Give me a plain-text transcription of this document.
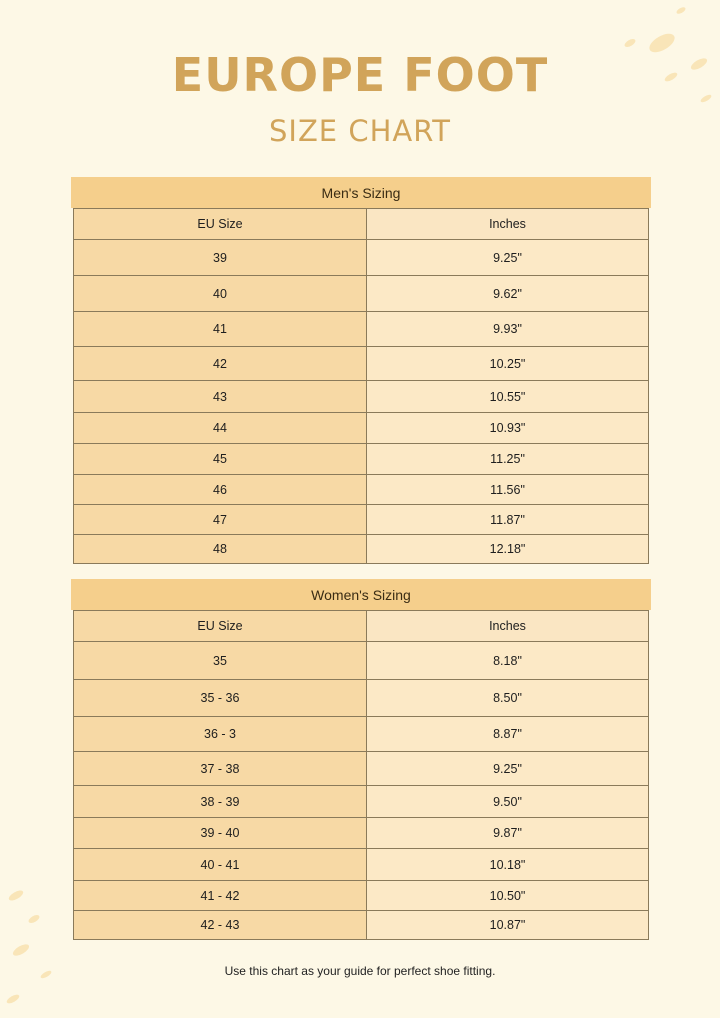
EUROPE FOOT
SIZE CHART
Men's Sizing
EU Size	Inches
39	9.25"
40	9.62"
41	9.93"
42	10.25"
43	10.55"
44	10.93"
45	11.25"
46	11.56"
47	11.87"
48	12.18"
Women's Sizing
EU Size	Inches
35	8.18"
35 - 36	8.50"
36 - 3	8.87"
37 - 38	9.25"
38 - 39	9.50"
39 - 40	9.87"
40 - 41	10.18"
41 - 42	10.50"
42 - 43	10.87"
Use this chart as your guide for perfect shoe fitting.
